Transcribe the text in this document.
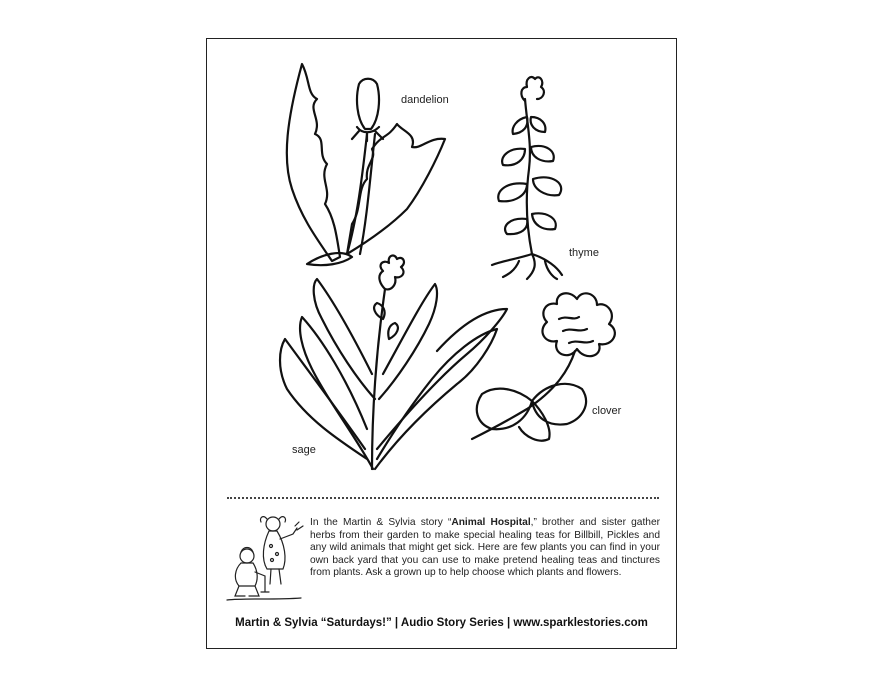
dandelion
thyme
sage
clover
In the Martin & Sylvia story “Animal Hospital,” brother and sister gather herbs from their garden to make special healing teas for Billbill, Pickles and any wild animals that might get sick. Here are few plants you can find in your own back yard that you can use to make pretend healing teas and tinctures from plants. Ask a grown up to help choose which plants and flowers.
Martin & Sylvia “Saturdays!” | Audio Story Series | www.sparklestories.com
